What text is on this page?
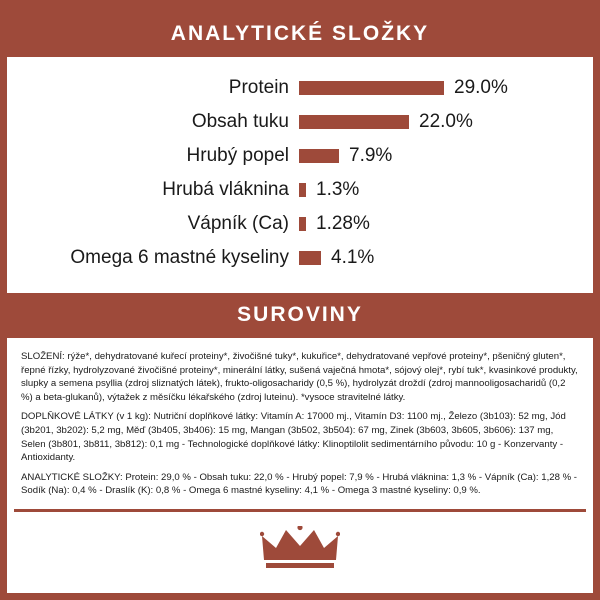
ANALYTICKÉ SLOŽKY
Protein	29.0%
Obsah tuku	22.0%
Hrubý popel	7.9%
Hrubá vláknina	1.3%
Vápník (Ca)	1.28%
Omega 6 mastné kyseliny	4.1%
SUROVINY

SLOŽENÍ: rýže*, dehydratované kuřecí proteiny*, živočišné tuky*, kukuřice*, dehydratované vepřové proteiny*, pšeničný gluten*, řepné řízky, hydrolyzované živočišné proteiny*, minerální látky, sušená vaječná hmota*, sójový olej*, rybí tuk*, kvasinkové produkty, slupky a semena psyllia (zdroj sliznatých látek), frukto-oligosacharidy (0,5 %), hydrolyzát droždí (zdroj mannooligosacharidů (0,2 %) a beta-glukanů), výtažek z měsíčku lékařského (zdroj luteinu). *vysoce stravitelné látky.

DOPLŇKOVÉ LÁTKY (v 1 kg): Nutriční doplňkové látky: Vitamín A: 17000 mj., Vitamín D3: 1100 mj., Železo (3b103): 52 mg, Jód (3b201, 3b202): 5,2 mg, Měď (3b405, 3b406): 15 mg, Mangan (3b502, 3b504): 67 mg, Zinek (3b603, 3b605, 3b606): 137 mg, Selen (3b801, 3b811, 3b812): 0,1 mg - Technologické doplňkové látky: Klinoptilolit sedimentárního původu: 10 g - Konzervanty - Antioxidanty.

ANALYTICKÉ SLOŽKY: Protein: 29,0 % - Obsah tuku: 22,0 % - Hrubý popel: 7,9 % - Hrubá vláknina: 1,3 % - Vápník (Ca): 1,28 % - Sodík (Na): 0,4 % - Draslík (K): 0,8 % - Omega 6 mastné kyseliny: 4,1 % - Omega 3 mastné kyseliny: 0,9 %.
